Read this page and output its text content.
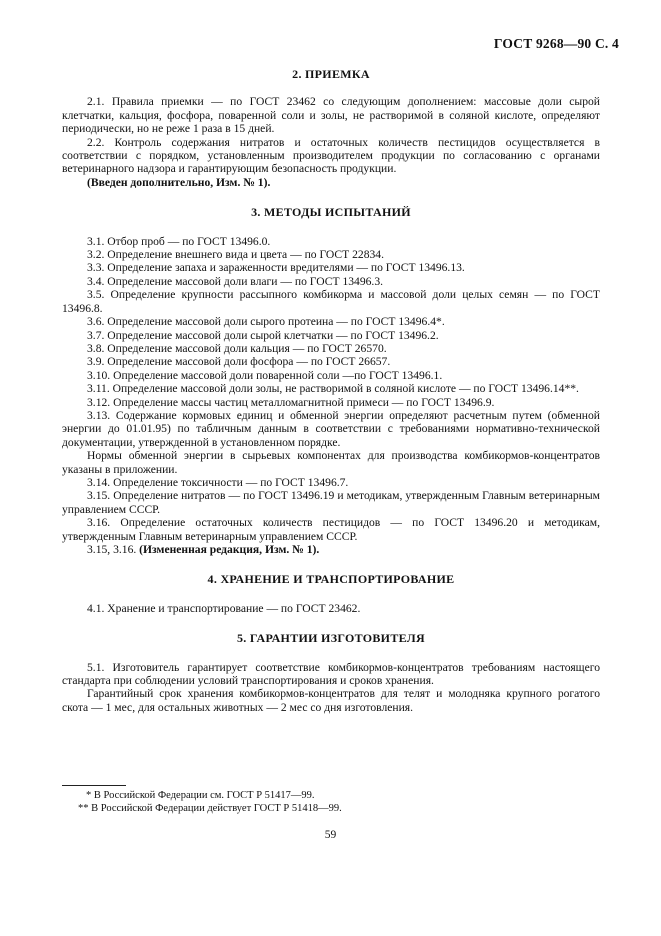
ГОСТ 9268—90 С. 4
2. ПРИЕМКА

2.1. Правила приемки — по ГОСТ 23462 со следующим дополнением: массовые доли сырой клетчатки, кальция, фосфора, поваренной соли и золы, не растворимой в соляной кислоте, определяют периодически, но не реже 1 раза в 15 дней.

2.2. Контроль содержания нитратов и остаточных количеств пестицидов осуществляется в соответствии с порядком, установленным производителем продукции по согласованию с органами ветеринарного надзора и гарантирующим безопасность продукции.

(Введен дополнительно, Изм. № 1).

3. МЕТОДЫ ИСПЫТАНИЙ

3.1. Отбор проб — по ГОСТ 13496.0.

3.2. Определение внешнего вида и цвета — по ГОСТ 22834.

3.3. Определение запаха и зараженности вредителями — по ГОСТ 13496.13.

3.4. Определение массовой доли влаги — по ГОСТ 13496.3.

3.5. Определение крупности рассыпного комбикорма и массовой доли целых семян — по ГОСТ 13496.8.

3.6. Определение массовой доли сырого протеина — по ГОСТ 13496.4*.

3.7. Определение массовой доли сырой клетчатки — по ГОСТ 13496.2.

3.8. Определение массовой доли кальция — по ГОСТ 26570.

3.9. Определение массовой доли фосфора — по ГОСТ 26657.

3.10. Определение массовой доли поваренной соли —по ГОСТ 13496.1.

3.11. Определение массовой доли золы, не растворимой в соляной кислоте — по ГОСТ 13496.14**.

3.12. Определение массы частиц металломагнитной примеси — по ГОСТ 13496.9.

3.13. Содержание кормовых единиц и обменной энергии определяют расчетным путем (обменной энергии до 01.01.95) по табличным данным в соответствии с требованиями нормативно-технической документации, утвержденной в установленном порядке.

Нормы обменной энергии в сырьевых компонентах для производства комбикормов-концентратов указаны в приложении.

3.14. Определение токсичности — по ГОСТ 13496.7.

3.15. Определение нитратов — по ГОСТ 13496.19 и методикам, утвержденным Главным ветеринарным управлением СССР.

3.16. Определение остаточных количеств пестицидов — по ГОСТ 13496.20 и методикам, утвержденным Главным ветеринарным управлением СССР.

3.15, 3.16. (Измененная редакция, Изм. № 1).

4. ХРАНЕНИЕ И ТРАНСПОРТИРОВАНИЕ

4.1. Хранение и транспортирование — по ГОСТ 23462.

5. ГАРАНТИИ ИЗГОТОВИТЕЛЯ

5.1. Изготовитель гарантирует соответствие комбикормов-концентратов требованиям настоящего стандарта при соблюдении условий транспортирования и сроков хранения.

Гарантийный срок хранения комбикормов-концентратов для телят и молодняка крупного рогатого скота — 1 мес, для остальных животных — 2 мес со дня изготовления.

* В Российской Федерации см. ГОСТ Р 51417—99.
** В Российской Федерации действует ГОСТ Р 51418—99.
59
